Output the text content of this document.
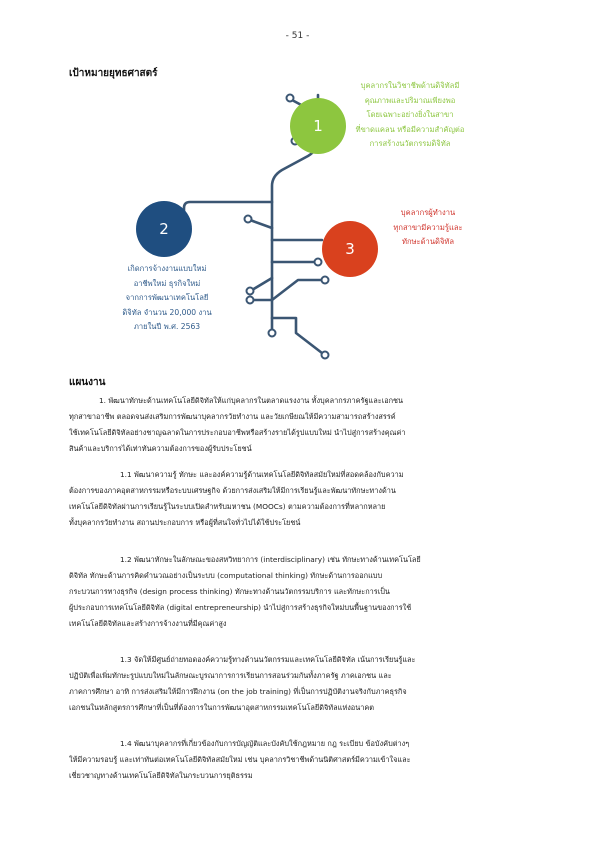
- 51 -
เป้าหมายยุทธศาสตร์
1
2
3
บุคลากรในวิชาชีพด้านดิจิทัลมี
คุณภาพและปริมาณเพียงพอ
โดยเฉพาะอย่างยิ่งในสาขา
ที่ขาดแคลน หรือมีความสำคัญต่อ
การสร้างนวัตกรรมดิจิทัล
เกิดการจ้างงานแบบใหม่
อาชีพใหม่ ธุรกิจใหม่
จากการพัฒนาเทคโนโลยี
ดิจิทัล จำนวน 20,000 งาน
ภายในปี พ.ศ. 2563
บุคลากรผู้ทำงาน
ทุกสาขามีความรู้และ
ทักษะด้านดิจิทัล
แผนงาน
1. พัฒนาทักษะด้านเทคโนโลยีดิจิทัลให้แก่บุคลากรในตลาดแรงงาน ทั้งบุคลากรภาครัฐและเอกชน
ทุกสาขาอาชีพ ตลอดจนส่งเสริมการพัฒนาบุคลากรวัยทำงาน และวัยเกษียณให้มีความสามารถสร้างสรรค์
ใช้เทคโนโลยีดิจิทัลอย่างชาญฉลาดในการประกอบอาชีพหรือสร้างรายได้รูปแบบใหม่ นำไปสู่การสร้างคุณค่า
สินค้าและบริการได้เท่าทันความต้องการของผู้รับประโยชน์
1.1 พัฒนาความรู้ ทักษะ และองค์ความรู้ด้านเทคโนโลยีดิจิทัลสมัยใหม่ที่สอดคล้องกับความ
ต้องการของภาคอุตสาหกรรมหรือระบบเศรษฐกิจ ด้วยการส่งเสริมให้มีการเรียนรู้และพัฒนาทักษะทางด้าน
เทคโนโลยีดิจิทัลผ่านการเรียนรู้ในระบบเปิดสำหรับมหาชน (MOOCs) ตามความต้องการที่หลากหลาย
ทั้งบุคลากรวัยทำงาน สถานประกอบการ หรือผู้ที่สนใจทั่วไปได้ใช้ประโยชน์
1.2 พัฒนาทักษะในลักษณะของสหวิทยาการ (interdisciplinary) เช่น ทักษะทางด้านเทคโนโลยี
ดิจิทัล ทักษะด้านการคิดคำนวณอย่างเป็นระบบ (computational thinking) ทักษะด้านการออกแบบ
กระบวนการทางธุรกิจ (design process thinking) ทักษะทางด้านนวัตกรรมบริการ และทักษะการเป็น
ผู้ประกอบการเทคโนโลยีดิจิทัล (digital entrepreneurship) นำไปสู่การสร้างธุรกิจใหม่บนพื้นฐานของการใช้
เทคโนโลยีดิจิทัลและสร้างการจ้างงานที่มีคุณค่าสูง
1.3 จัดให้มีศูนย์ถ่ายทอดองค์ความรู้ทางด้านนวัตกรรมและเทคโนโลยีดิจิทัล เน้นการเรียนรู้และ
ปฏิบัติเพื่อเพิ่มทักษะรูปแบบใหม่ในลักษณะบูรณาการการเรียนการสอนร่วมกันทั้งภาครัฐ ภาคเอกชน และ
ภาคการศึกษา อาทิ การส่งเสริมให้มีการฝึกงาน (on the job training) ที่เป็นการปฏิบัติงานจริงกับภาคธุรกิจ
เอกชนในหลักสูตรการศึกษาที่เป็นที่ต้องการในการพัฒนาอุตสาหกรรมเทคโนโลยีดิจิทัลแห่งอนาคต
1.4 พัฒนาบุคลากรที่เกี่ยวข้องกับการบัญญัติและบังคับใช้กฎหมาย กฎ ระเบียบ ข้อบังคับต่างๆ
ให้มีความรอบรู้ และเท่าทันต่อเทคโนโลยีดิจิทัลสมัยใหม่ เช่น บุคลากรวิชาชีพด้านนิติศาสตร์มีความเข้าใจและ
เชี่ยวชาญทางด้านเทคโนโลยีดิจิทัลในกระบวนการยุติธรรม
